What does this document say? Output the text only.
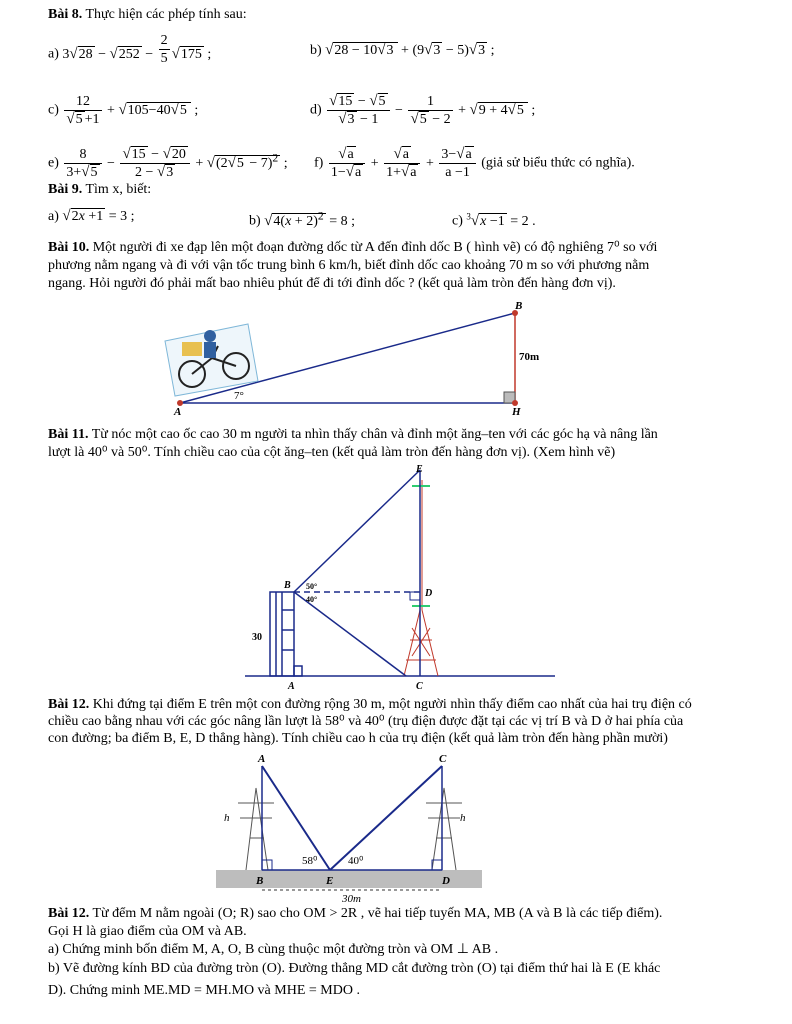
Bài 8. Thực hiện các phép tính sau:
a) $3√28 - √252 - \frac{2}{5} √175$ ;	b) √28 − 10√3 + (9√3 − 5)√3 ;
$c) \frac{12}{√5 +1} + √105-40√5$ ;	$d) \frac{√15 - √5}{√3 - 1} - \frac{1}{√5 - 2} + √9 + 4√5$ ;
$e) \frac{8}{3+√5} - \frac{√15 - √20}{2 - √3} + √(2√5 - 7)^2$ ; $f) \frac{√a}{1-√a} + \frac{√a}{1+√a} + \frac{3-√a}{a -1}$ (giả sử biểu thức có nghĩa).
Bài 9. Tìm x, biết:
a) √2x +1 = 3 ;	b) $√4(x + 2)^2 = 8$ ;	c) $^3$√x −1 = 2 .
Bài 10. Một người đi xe đạp lên một đoạn đường dốc từ A đến đỉnh dốc B ( hình vẽ) có độ nghiêng 7⁰ so với
phương nằm ngang và đi với vận tốc trung bình 6 km/h, biết đỉnh dốc cao khoảng 70 m so với phương nằm
ngang. Hỏi người đó phải mất bao nhiêu phút để đi tới đỉnh dốc ? (kết quả làm tròn đến hàng đơn vị).
A
B
H
70m
7°
Bài 11. Từ nóc một cao ốc cao 30 m người ta nhìn thấy chân và đỉnh một ăng–ten với các góc hạ và nâng lần
lượt là 40⁰ và 50⁰. Tính chiều cao của cột ăng–ten (kết quả làm tròn đến hàng đơn vị). (Xem hình vẽ)
E
B
D
A	C
50°
40°
30
Bài 12. Khi đứng tại điểm E trên một con đường rộng 30 m, một người nhìn thấy điểm cao nhất của hai trụ điện có
chiều cao bằng nhau với các góc nâng lần lượt là 58⁰ và 40⁰ (trụ điện được đặt tại các vị trí B và D ở hai phía của
con đường; ba điểm B, E, D thẳng hàng). Tính chiều cao h của trụ điện (kết quả làm tròn đến hàng phần mười)
A	C
B	E	D
h	h
58⁰	40⁰
30m
Bài 12. Từ đểm M nằm ngoài (O; R) sao cho OM > 2R , vẽ hai tiếp tuyến MA, MB (A và B là các tiếp điểm).
Gọi H là giao điểm của OM và AB.
a) Chứng minh bốn điểm M, A, O, B cùng thuộc một đường tròn và OM ⊥ AB .
b) Vẽ đường kính BD của đường tròn (O). Đường thẳng MD cắt đường tròn (O) tại điểm thứ hai là E (E khác
D). Chứng minh ME.MD = MH.MO và MHE = MDO .
